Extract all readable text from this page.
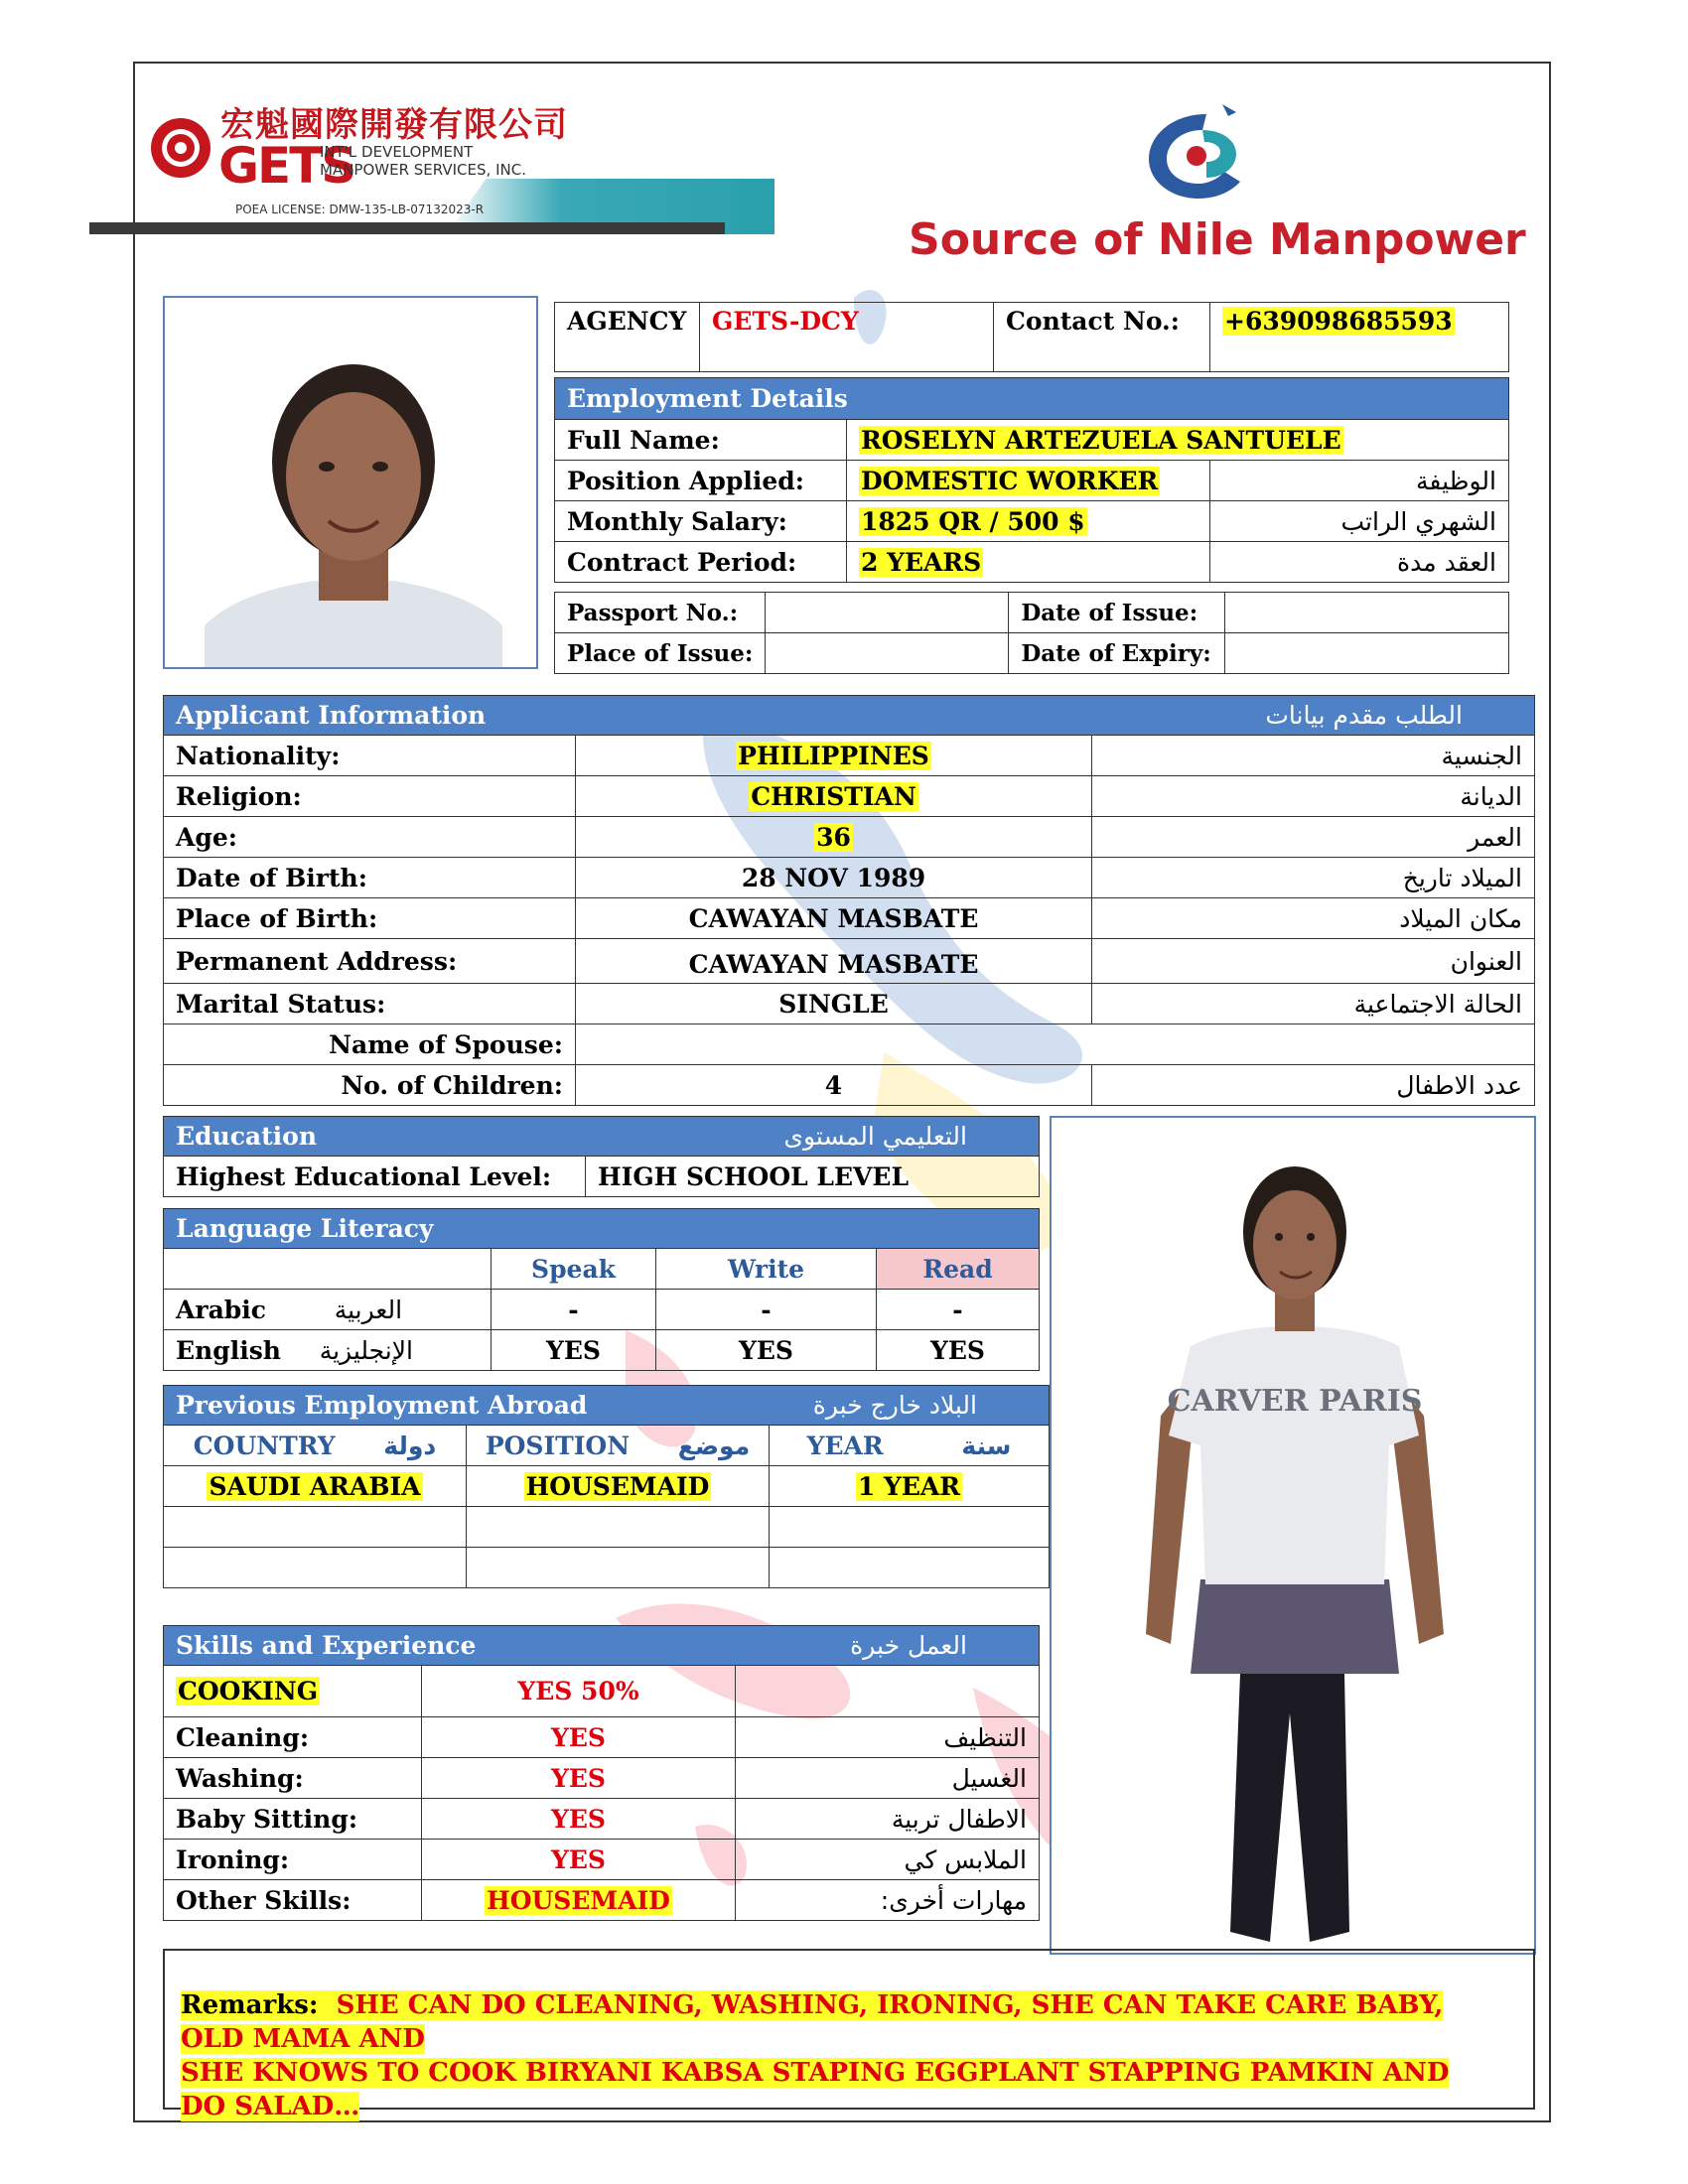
宏魁國際開發有限公司
GETS
INT'L DEVELOPMENT
MANPOWER SERVICES, INC.
POEA LICENSE: DMW-135-LB-07132023-R
Source of Nile Manpower
AGENCY	GETS-DCY	Contact No.:	+639098685593
Employment Details		
Full Name:	ROSELYN ARTEZUELA SANTUELE	
Position Applied:	DOMESTIC WORKER	الوظيفة
Monthly Salary:	1825 QR / 500 $	الشهري الراتب
Contract Period:	2 YEARS	العقد مدة
Passport No.:		Date of Issue:	
Place of Issue:		Date of Expiry:	
Applicant Information الطلب مقدم بيانات		

Nationality:	PHILIPPINES	الجنسية
Religion:	CHRISTIAN	الديانة
Age:	36	العمر
Date of Birth:	28 NOV 1989	الميلاد تاريخ
Place of Birth:	CAWAYAN MASBATE	مكان الميلاد
Permanent Address:	CAWAYAN MASBATE	العنوان
Marital Status:	SINGLE	الحالة الاجتماعية
Name of Spouse:		
No. of Children:	4	عدد الاطفال
Education	التعليمي المستوى

Highest Educational Level:	HIGH SCHOOL LEVEL
Language Literacy			
	Speak	Write	Read
Arabic العربية	-	-	-
English الإنجليزية	YES	YES	YES
Previous Employment Abroad البلاد خارج خبرة		

COUNTRY دولة	POSITION موضع	YEAR سنة
SAUDI ARABIA	HOUSEMAID	1 YEAR

Skills and Experience العمل خبرة		

COOKING	YES 50%	
Cleaning:	YES	التنظيف
Washing:	YES	الغسيل
Baby Sitting:	YES	الاطفال تربية
Ironing:	YES	الملابس كي
Other Skills:	HOUSEMAID	مهارات أخرى:
CARVER PARIS
Remarks: SHE CAN DO CLEANING, WASHING, IRONING, SHE CAN TAKE CARE BABY, OLD MAMA AND
SHE KNOWS TO COOK BIRYANI KABSA STAPING EGGPLANT STAPPING PAMKIN AND DO SALAD…
